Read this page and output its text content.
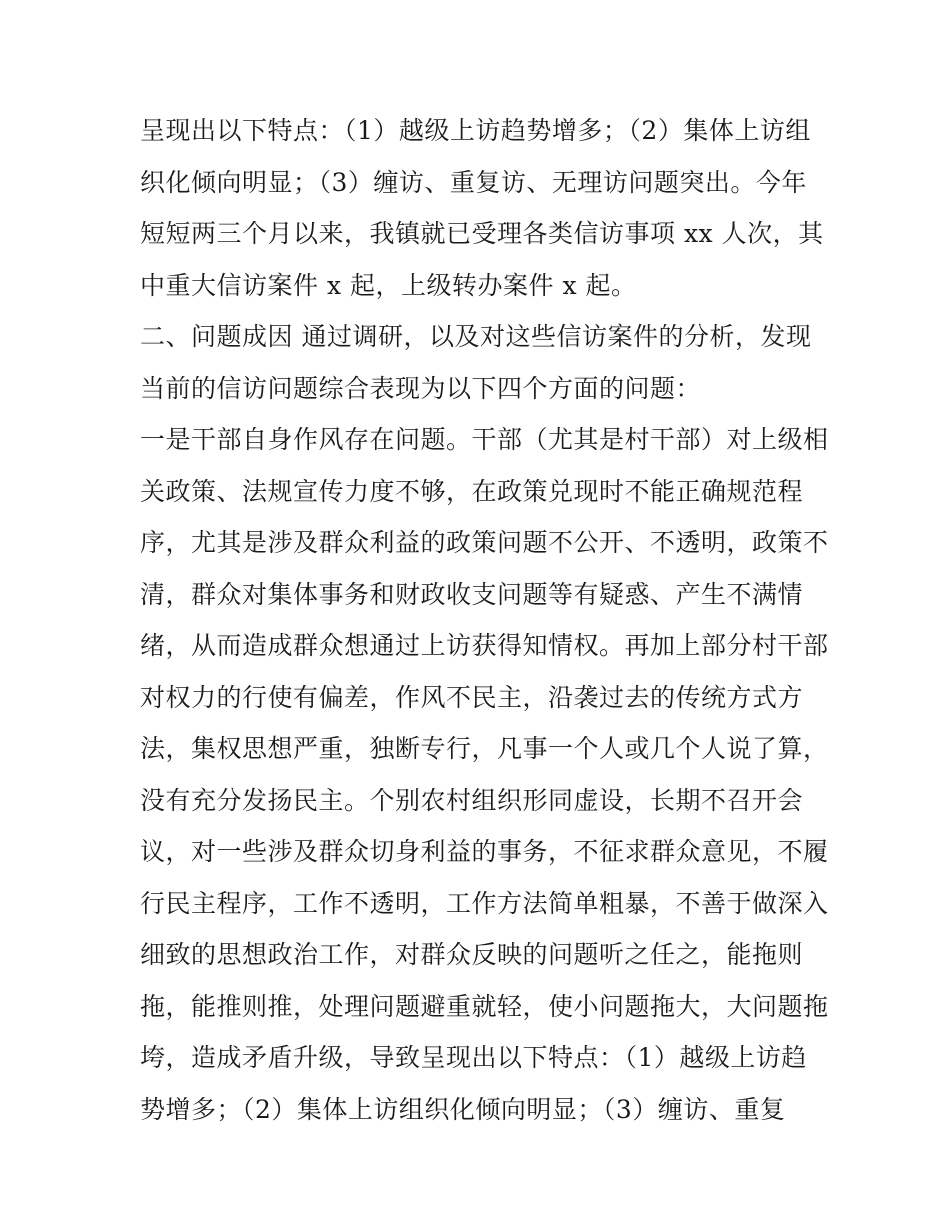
呈现出以下特点：（1）越级上访趋势增多；（2）集体上访组
织化倾向明显；（3）缠访、重复访、无理访问题突出。今年
短短两三个月以来，我镇就已受理各类信访事项 xx 人次，其
中重大信访案件 x 起，上级转办案件 x 起。
二、问题成因 通过调研，以及对这些信访案件的分析，发现
当前的信访问题综合表现为以下四个方面的问题：
一是干部自身作风存在问题。干部（尤其是村干部）对上级相
关政策、法规宣传力度不够，在政策兑现时不能正确规范程
序，尤其是涉及群众利益的政策问题不公开、不透明，政策不
清，群众对集体事务和财政收支问题等有疑惑、产生不满情
绪，从而造成群众想通过上访获得知情权。再加上部分村干部
对权力的行使有偏差，作风不民主，沿袭过去的传统方式方
法，集权思想严重，独断专行，凡事一个人或几个人说了算，
没有充分发扬民主。个别农村组织形同虚设，长期不召开会
议，对一些涉及群众切身利益的事务，不征求群众意见，不履
行民主程序，工作不透明，工作方法简单粗暴，不善于做深入
细致的思想政治工作，对群众反映的问题听之任之，能拖则
拖，能推则推，处理问题避重就轻，使小问题拖大，大问题拖
垮，造成矛盾升级，导致呈现出以下特点：（1）越级上访趋
势增多；（2）集体上访组织化倾向明显；（3）缠访、重复
